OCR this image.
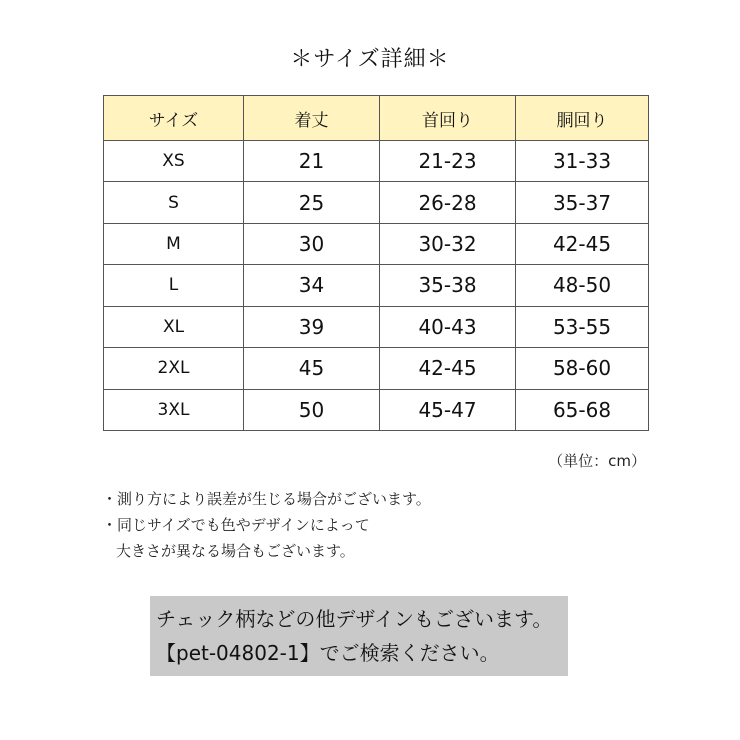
＊サイズ詳細＊
サイズ	着丈	首回り	胴回り
XS	21	21-23	31-33
S	25	26-28	35-37
M	30	30-32	42-45
L	34	35-38	48-50
XL	39	40-43	53-55
2XL	45	42-45	58-60
3XL	50	45-47	65-68
（単位：cm）
・測り方により誤差が生じる場合がございます。
・同じサイズでも色やデザインによって
大きさが異なる場合もございます。
チェック柄などの他デザインもございます。
【pet-04802-1】でご検索ください。
